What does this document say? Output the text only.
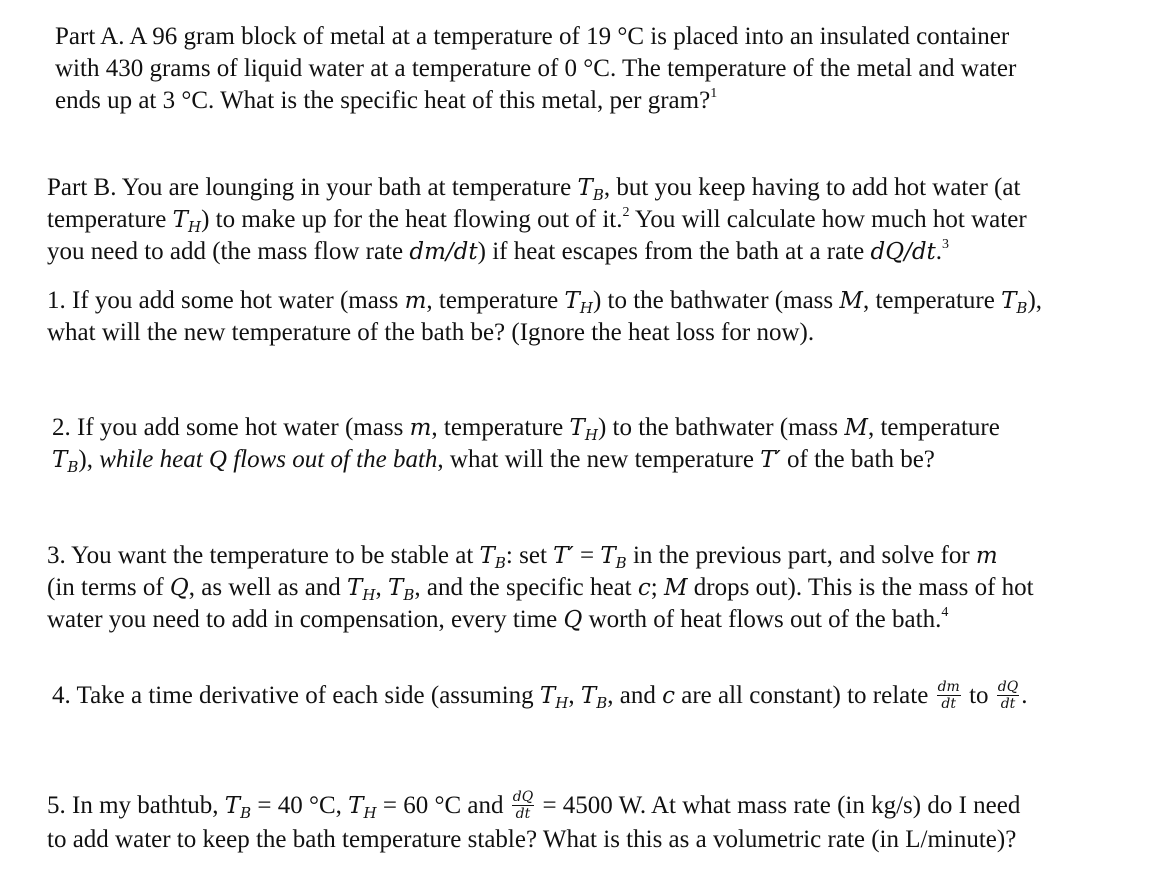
Part A. A 96 gram block of metal at a temperature of 19 °C is placed into an insulated container
with 430 grams of liquid water at a temperature of 0 °C. The temperature of the metal and water
ends up at 3 °C. What is the specific heat of this metal, per gram?$^1$
Part B. You are lounging in your bath at temperature $T_B$, but you keep having to add hot water (at
temperature $T_H$) to make up for the heat flowing out of it.$^2$ You will calculate how much hot water
you need to add (the mass flow rate dm/dt) if heat escapes from the bath at a rate dQ/dt.$^3$
1. If you add some hot water (mass m, temperature $T_H$) to the bathwater (mass M, temperature $T_B$),
what will the new temperature of the bath be? (Ignore the heat loss for now).
2. If you add some hot water (mass m, temperature $T_H$) to the bathwater (mass M, temperature
$T_B$), while heat Q flows out of the bath, what will the new temperature T′ of the bath be?
3. You want the temperature to be stable at $T_B$: set $T' = T_B$ in the previous part, and solve for m
(in terms of Q, as well as and $T_H$, $T_B$, and the specific heat c; M drops out). This is the mass of hot
water you need to add in compensation, every time Q worth of heat flows out of the bath.$^4$
4. Take a time derivative of each side (assuming $T_H$, $T_B$, and c are all constant) to relate $\frac{dm}{dt}$ to $\frac{dQ}{dt}$ .
5. In my bathtub, $T_B = 40$ °C, $T_H = 60$ °C and $\frac{dQ}{dt} = 4500$ W. At what mass rate (in kg/s) do I need
to add water to keep the bath temperature stable? What is this as a volumetric rate (in L/minute)?
